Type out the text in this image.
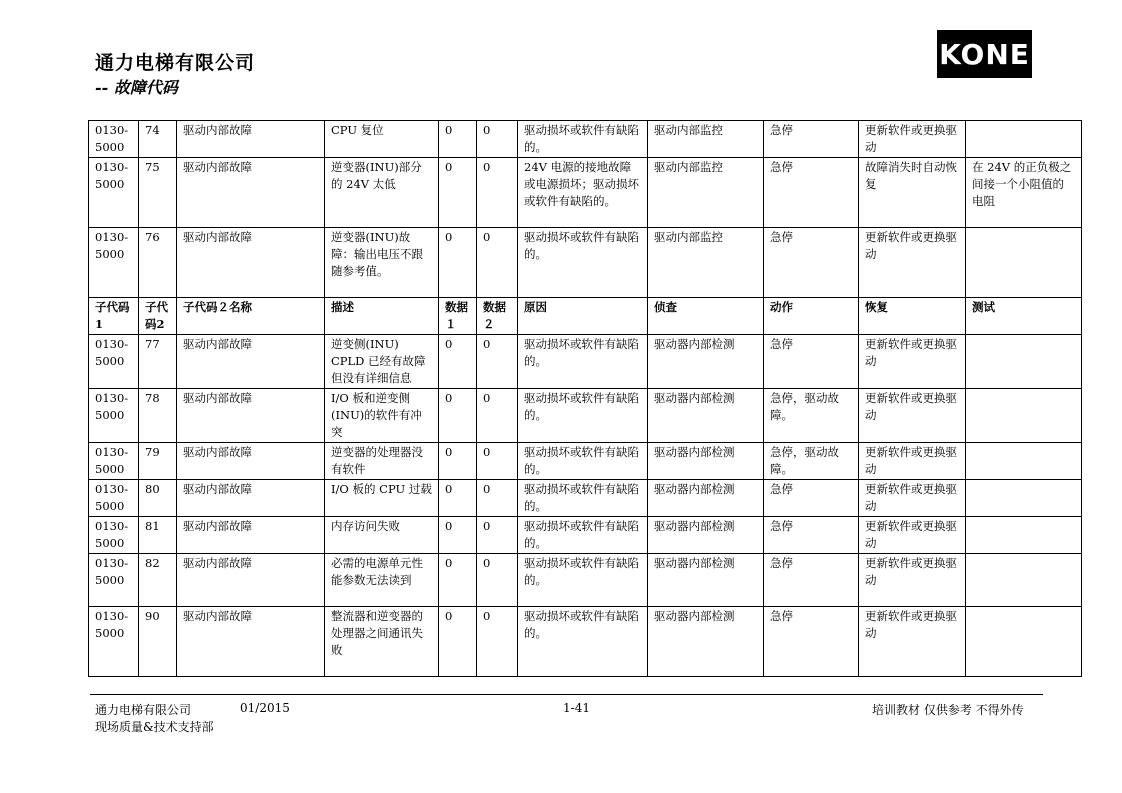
通力电梯有限公司
-- 故障代码
KONE
0130-5000	74	驱动内部故障	CPU 复位	0	0	驱动损坏或软件有缺陷的。	驱动内部监控	急停	更新软件或更换驱动	
0130-5000	75	驱动内部故障	逆变器(INU)部分的 24V 太低	0	0	24V 电源的接地故障或电源损坏；驱动损坏或软件有缺陷的。	驱动内部监控	急停	故障消失时自动恢复	在 24V 的正负极之间接一个小阻值的电阻
0130-5000	76	驱动内部故障	逆变器(INU)故障：输出电压不跟随参考值。	0	0	驱动损坏或软件有缺陷的。	驱动内部监控	急停	更新软件或更换驱动	
子代码1	子代码2	子代码２名称	描述	数据１	数据２	原因	侦查	动作	恢复	测试
0130-5000	77	驱动内部故障	逆变侧(INU) CPLD 已经有故障但没有详细信息	0	0	驱动损坏或软件有缺陷的。	驱动器内部检测	急停	更新软件或更换驱动	
0130-5000	78	驱动内部故障	I/O 板和逆变侧(INU)的软件有冲突	0	0	驱动损坏或软件有缺陷的。	驱动器内部检测	急停，驱动故障。	更新软件或更换驱动	
0130-5000	79	驱动内部故障	逆变器的处理器没有软件	0	0	驱动损坏或软件有缺陷的。	驱动器内部检测	急停，驱动故障。	更新软件或更换驱动	
0130-5000	80	驱动内部故障	I/O 板的 CPU 过载	0	0	驱动损坏或软件有缺陷的。	驱动器内部检测	急停	更新软件或更换驱动	
0130-5000	81	驱动内部故障	内存访问失败	0	0	驱动损坏或软件有缺陷的。	驱动器内部检测	急停	更新软件或更换驱动	
0130-5000	82	驱动内部故障	必需的电源单元性能参数无法读到	0	0	驱动损坏或软件有缺陷的。	驱动器内部检测	急停	更新软件或更换驱动	
0130-5000	90	驱动内部故障	整流器和逆变器的处理器之间通讯失败	0	0	驱动损坏或软件有缺陷的。	驱动器内部检测	急停	更新软件或更换驱动	
通力电梯有限公司	01/2015
现场质量&技术支持部
1-41	培训教材 仅供参考 不得外传
